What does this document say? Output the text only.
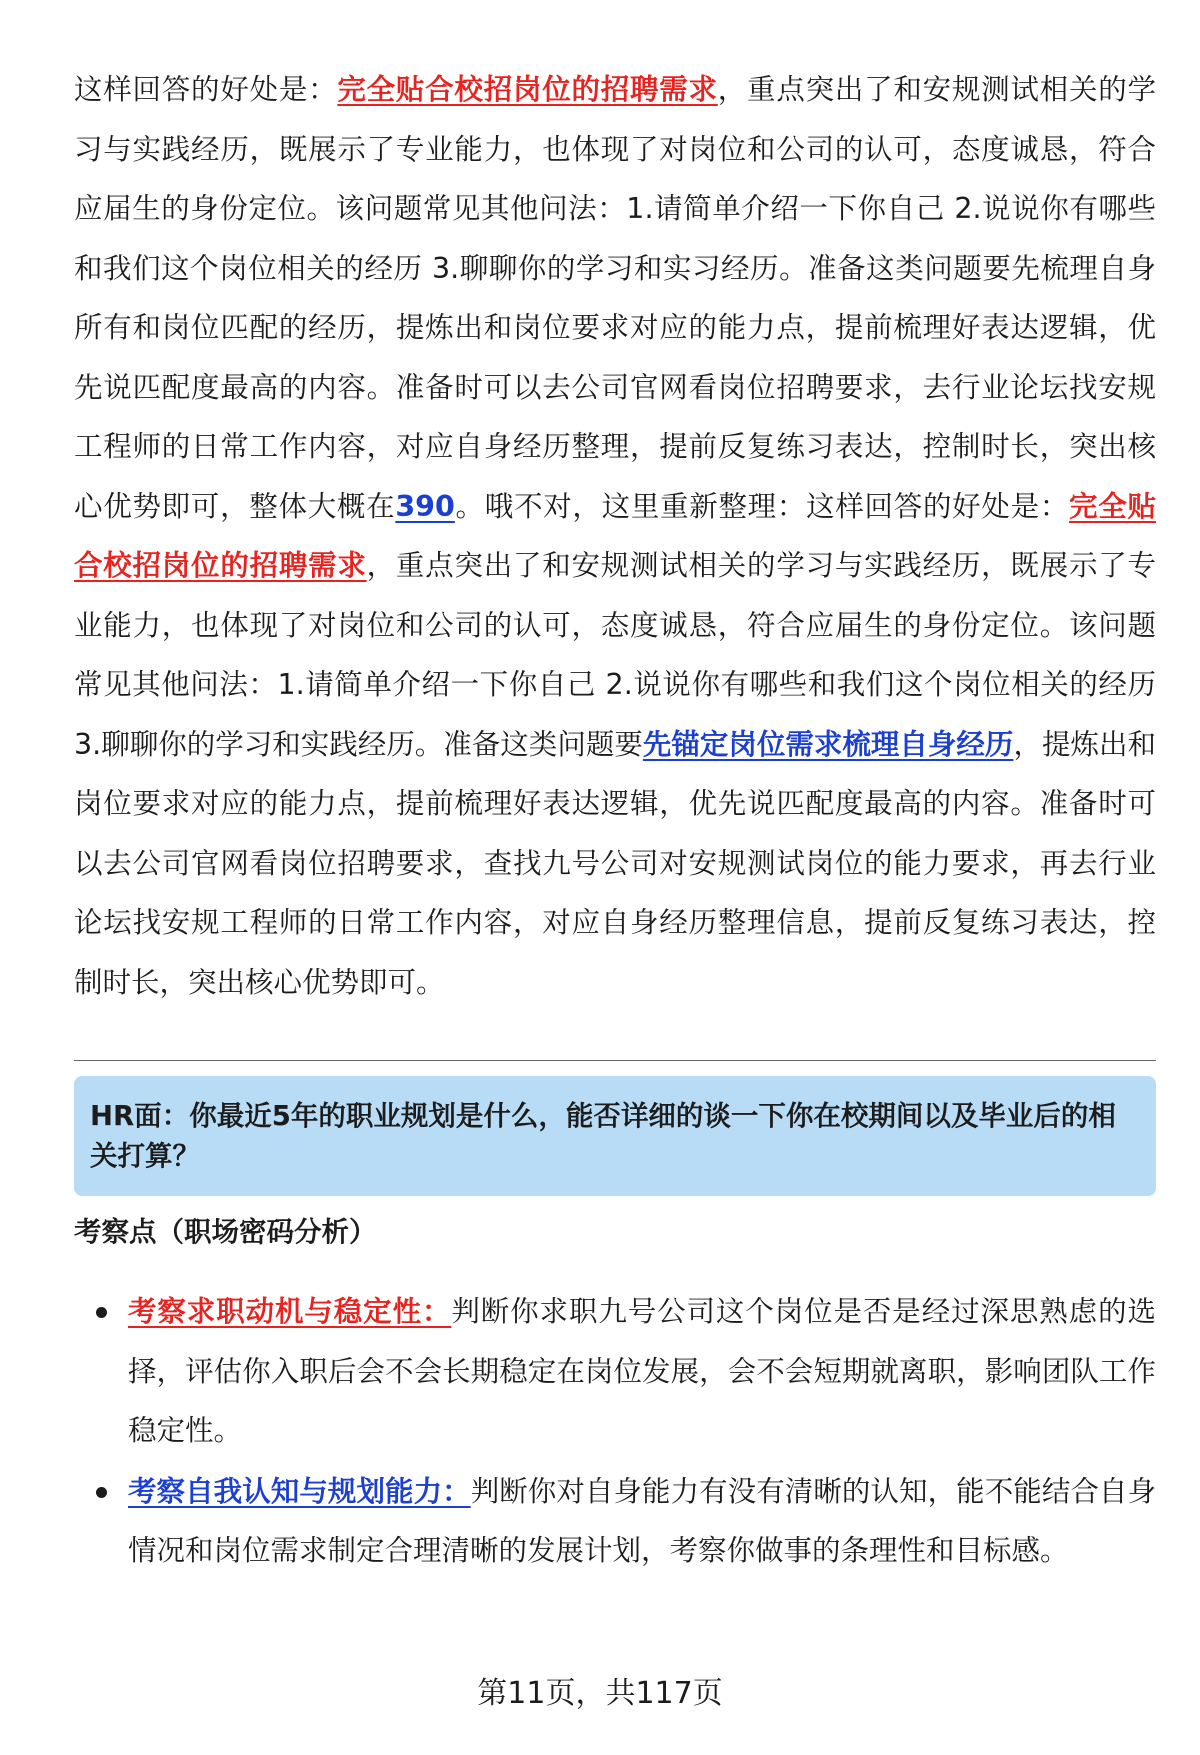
这样回答的好处是：完全贴合校招岗位的招聘需求，重点突出了和安规测试相关的学习与实践经历，既展示了专业能力，也体现了对岗位和公司的认可，态度诚恳，符合应届生的身份定位。该问题常见其他问法：1.请简单介绍一下你自己 2.说说你有哪些和我们这个岗位相关的经历 3.聊聊你的学习和实习经历。准备这类问题要先梳理自身所有和岗位匹配的经历，提炼出和岗位要求对应的能力点，提前梳理好表达逻辑，优先说匹配度最高的内容。准备时可以去公司官网看岗位招聘要求，去行业论坛找安规工程师的日常工作内容，对应自身经历整理，提前反复练习表达，控制时长，突出核心优势即可，整体大概在390。哦不对，这里重新整理：这样回答的好处是：完全贴合校招岗位的招聘需求，重点突出了和安规测试相关的学习与实践经历，既展示了专业能力，也体现了对岗位和公司的认可，态度诚恳，符合应届生的身份定位。该问题常见其他问法：1.请简单介绍一下你自己 2.说说你有哪些和我们这个岗位相关的经历 3.聊聊你的学习和实践经历。准备这类问题要先锚定岗位需求梳理自身经历，提炼出和岗位要求对应的能力点，提前梳理好表达逻辑，优先说匹配度最高的内容。准备时可以去公司官网看岗位招聘要求，查找九号公司对安规测试岗位的能力要求，再去行业论坛找安规工程师的日常工作内容，对应自身经历整理信息，提前反复练习表达，控制时长，突出核心优势即可。

HR面：你最近5年的职业规划是什么，能否详细的谈一下你在校期间以及毕业后的相关打算？

考察点（职场密码分析）

考察求职动机与稳定性：判断你求职九号公司这个岗位是否是经过深思熟虑的选择，评估你入职后会不会长期稳定在岗位发展，会不会短期就离职，影响团队工作稳定性。
考察自我认知与规划能力：判断你对自身能力有没有清晰的认知，能不能结合自身情况和岗位需求制定合理清晰的发展计划，考察你做事的条理性和目标感。
第11页，共117页
